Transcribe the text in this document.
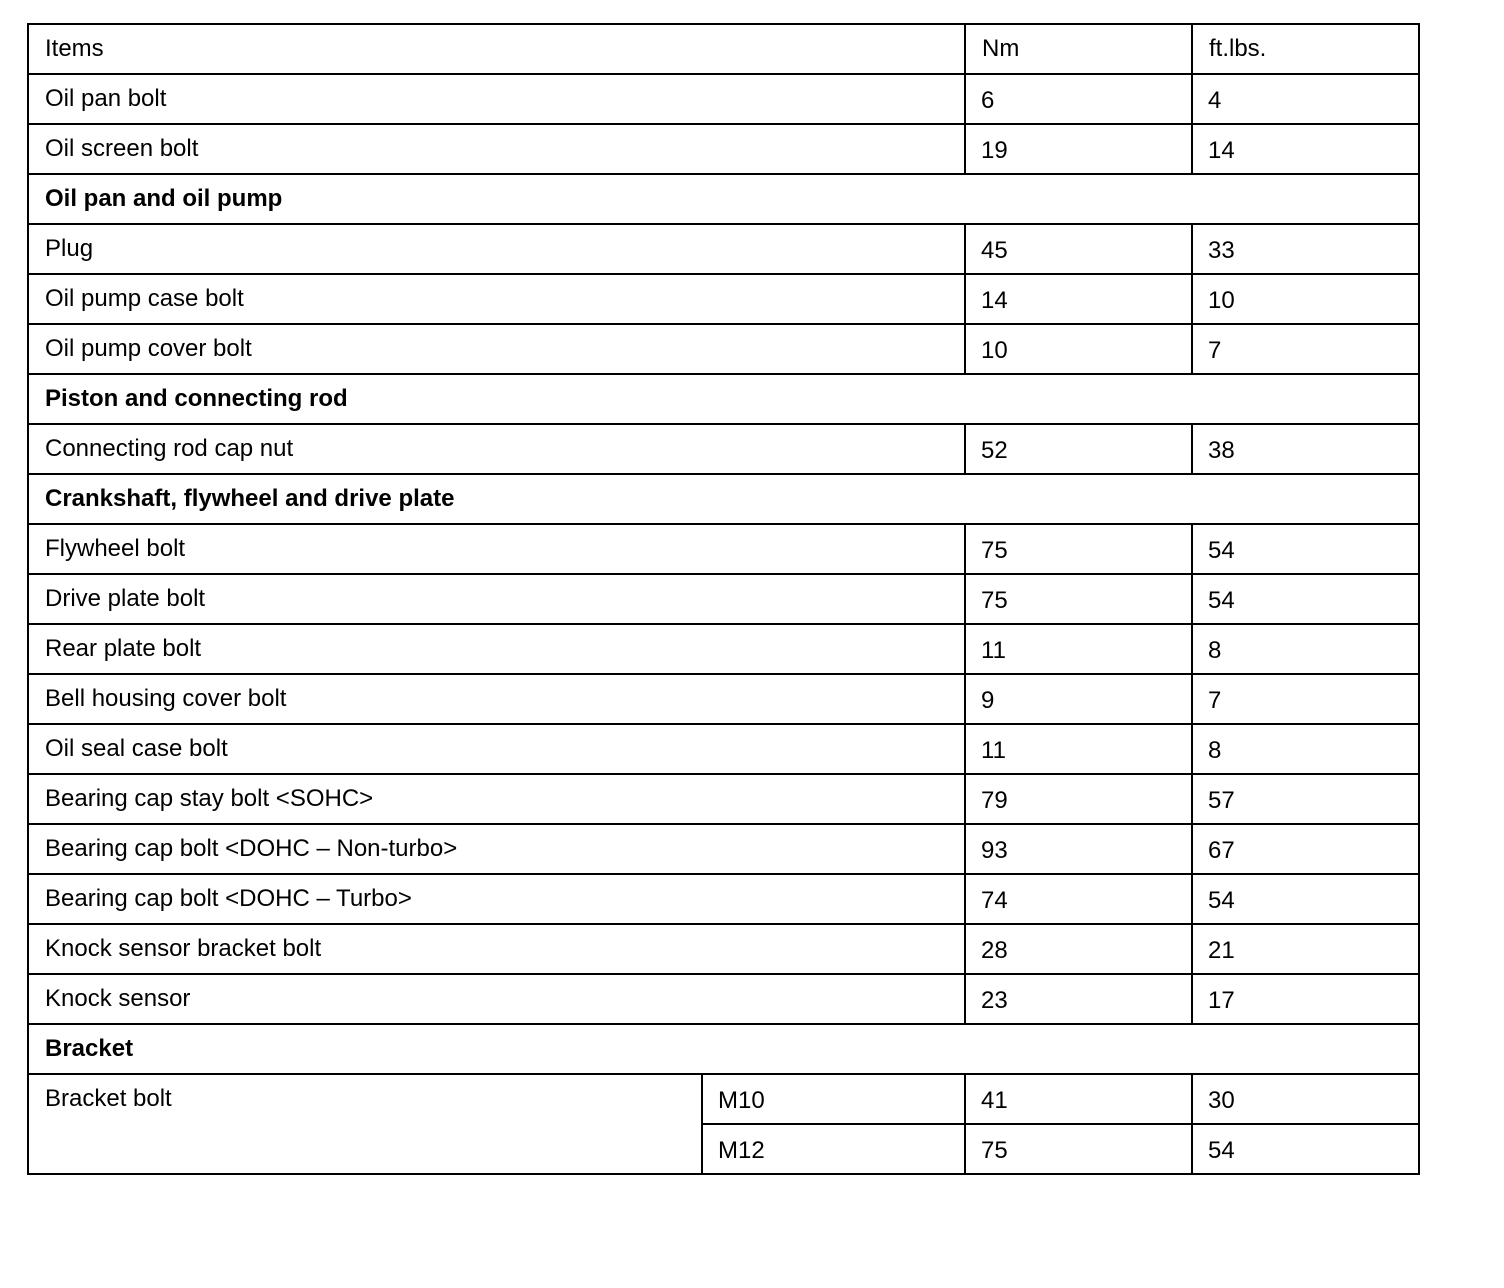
Items		Nm	ft.lbs.
Oil pan bolt		6	4
Oil screen bolt		19	14
Oil pan and oil pump			
Plug		45	33
Oil pump case bolt		14	10
Oil pump cover bolt		10	7
Piston and connecting rod			
Connecting rod cap nut		52	38
Crankshaft, flywheel and drive plate			
Flywheel bolt		75	54
Drive plate bolt		75	54
Rear plate bolt		11	8
Bell housing cover bolt		9	7
Oil seal case bolt		11	8
Bearing cap stay bolt <SOHC>		79	57
Bearing cap bolt <DOHC – Non-turbo>		93	67
Bearing cap bolt <DOHC – Turbo>		74	54
Knock sensor bracket bolt		28	21
Knock sensor		23	17
Bracket			
Bracket bolt	M10	41	30
	M12	75	54
